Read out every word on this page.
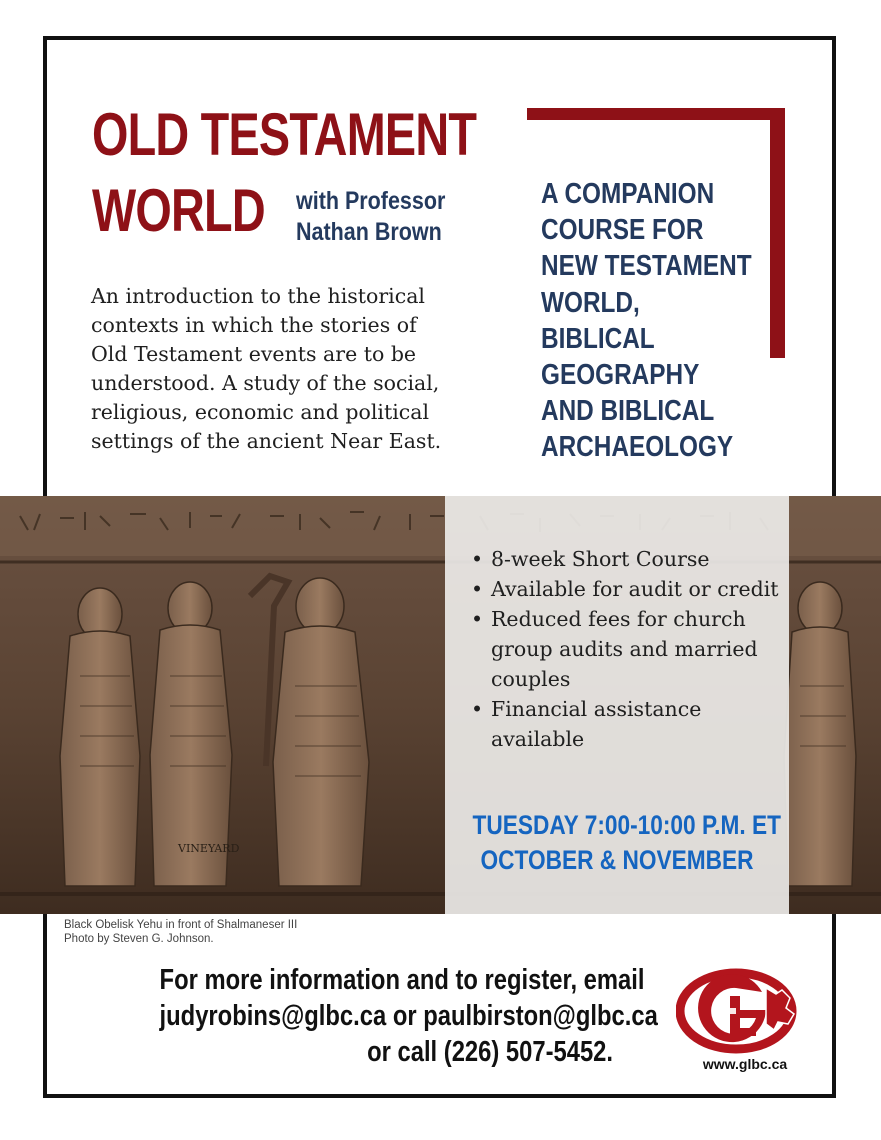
OLD TESTAMENT
WORLD with Professor
Nathan Brown

An introduction to the historical contexts in which the stories of Old Testament events are to be understood. A study of the social, religious, economic and political settings of the ancient Near East.

A COMPANION
COURSE FOR
NEW TESTAMENT
WORLD,
BIBLICAL
GEOGRAPHY
AND BIBLICAL
ARCHAEOLOGY
VINEYARD
• 8-week Short Course
• Available for audit or credit
• Reduced fees for church group audits and married couples
• Financial assistance available
TUESDAY 7:00-10:00 P.M. ET
OCTOBER & NOVEMBER
Black Obelisk Yehu in front of Shalmaneser III
Photo by Steven G. Johnson.
For more information and to register, email
judyrobins@glbc.ca or paulbirston@glbc.ca
or call (226) 507-5452.	www.glbc.ca
